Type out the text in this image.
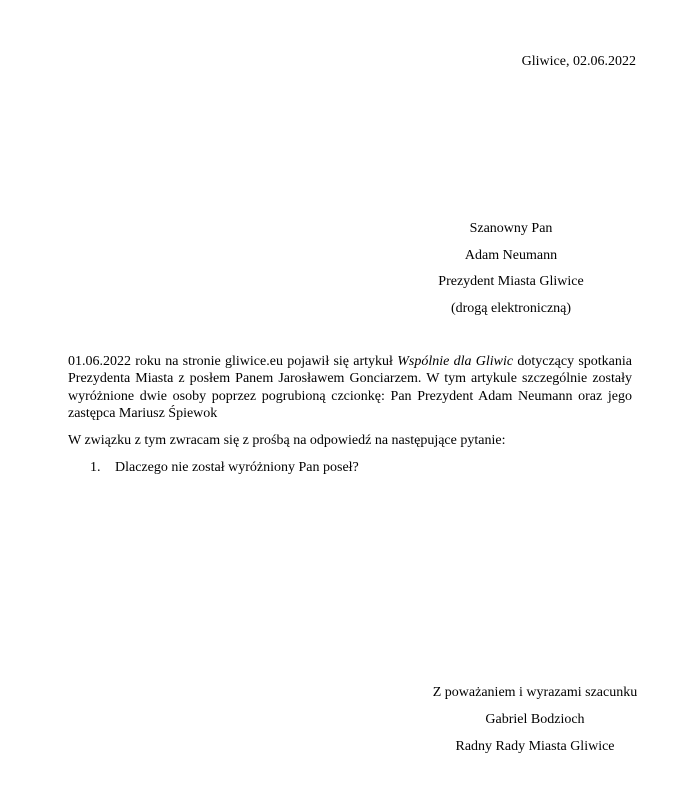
Gliwice, 02.06.2022
Szanowny Pan
Adam Neumann
Prezydent Miasta Gliwice
(drogą elektroniczną)
01.06.2022 roku na stronie gliwice.eu pojawił się artykuł Wspólnie dla Gliwic dotyczący spotkania Prezydenta Miasta z posłem Panem Jarosławem Gonciarzem. W tym artykule szczególnie zostały wyróżnione dwie osoby poprzez pogrubioną czcionkę: Pan Prezydent Adam Neumann oraz jego zastępca Mariusz Śpiewok
W związku z tym zwracam się z prośbą na odpowiedź na następujące pytanie:
1. Dlaczego nie został wyróżniony Pan poseł?
Z poważaniem i wyrazami szacunku
Gabriel Bodzioch
Radny Rady Miasta Gliwice
